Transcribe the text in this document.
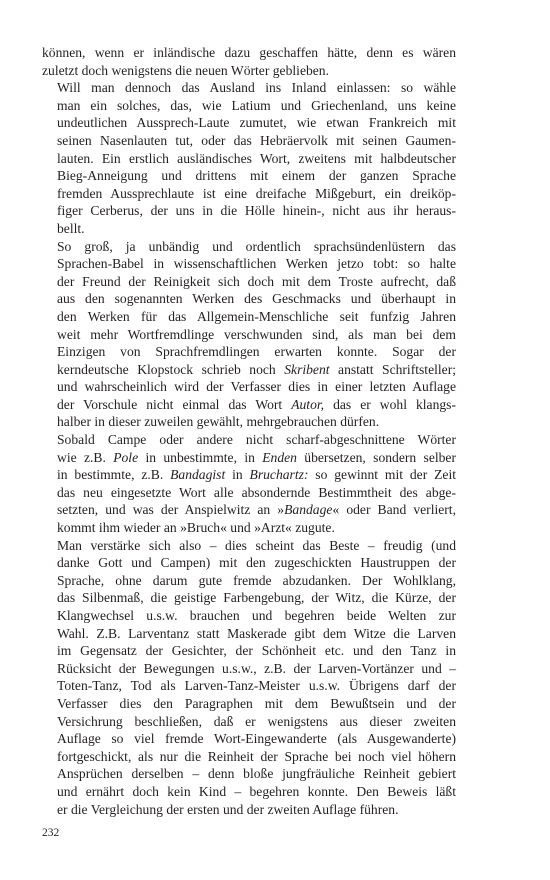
können, wenn er inländische dazu geschaffen hätte, denn es wären
zuletzt doch wenigstens die neuen Wörter geblieben.

Will man dennoch das Ausland ins Inland einlassen: so wähle
man ein solches, das, wie Latium und Griechenland, uns keine
undeutlichen Aussprech-Laute zumutet, wie etwan Frankreich mit
seinen Nasenlauten tut, oder das Hebräervolk mit seinen Gaumen-
lauten. Ein erstlich ausländisches Wort, zweitens mit halbdeutscher
Bieg-Anneigung und drittens mit einem der ganzen Sprache
fremden Aussprechlaute ist eine dreifache Mißgeburt, ein dreiköp-
figer Cerberus, der uns in die Hölle hinein-, nicht aus ihr heraus-
bellt.

So groß, ja unbändig und ordentlich sprachsündenlüstern das
Sprachen-Babel in wissenschaftlichen Werken jetzo tobt: so halte
der Freund der Reinigkeit sich doch mit dem Troste aufrecht, daß
aus den sogenannten Werken des Geschmacks und überhaupt in
den Werken für das Allgemein-Menschliche seit funfzig Jahren
weit mehr Wortfremdlinge verschwunden sind, als man bei dem
Einzigen von Sprachfremdlingen erwarten konnte. Sogar der
kerndeutsche Klopstock schrieb noch Skribent anstatt Schriftsteller;
und wahrscheinlich wird der Verfasser dies in einer letzten Auflage
der Vorschule nicht einmal das Wort Autor, das er wohl klangs-
halber in dieser zuweilen gewählt, mehrgebrauchen dürfen.

Sobald Campe oder andere nicht scharf-abgeschnittene Wörter
wie z.B. Pole in unbestimmte, in Enden übersetzen, sondern selber
in bestimmte, z.B. Bandagist in Bruchartz: so gewinnt mit der Zeit
das neu eingesetzte Wort alle absondernde Bestimmtheit des abge-
setzten, und was der Anspielwitz an »Bandage« oder Band verliert,
kommt ihm wieder an »Bruch« und »Arzt« zugute.

Man verstärke sich also – dies scheint das Beste – freudig (und
danke Gott und Campen) mit den zugeschickten Haustruppen der
Sprache, ohne darum gute fremde abzudanken. Der Wohlklang,
das Silbenmaß, die geistige Farbengebung, der Witz, die Kürze, der
Klangwechsel u.s.w. brauchen und begehren beide Welten zur
Wahl. Z.B. Larventanz statt Maskerade gibt dem Witze die Larven
im Gegensatz der Gesichter, der Schönheit etc. und den Tanz in
Rücksicht der Bewegungen u.s.w., z.B. der Larven-Vortänzer und –
Toten-Tanz, Tod als Larven-Tanz-Meister u.s.w. Übrigens darf der
Verfasser dies den Paragraphen mit dem Bewußtsein und der
Versichrung beschließen, daß er wenigstens aus dieser zweiten
Auflage so viel fremde Wort-Eingewanderte (als Ausgewanderte)
fortgeschickt, als nur die Reinheit der Sprache bei noch viel höhern
Ansprüchen derselben – denn bloße jungfräuliche Reinheit gebiert
und ernährt doch kein Kind – begehren konnte. Den Beweis läßt
er die Vergleichung der ersten und der zweiten Auflage führen.

232
